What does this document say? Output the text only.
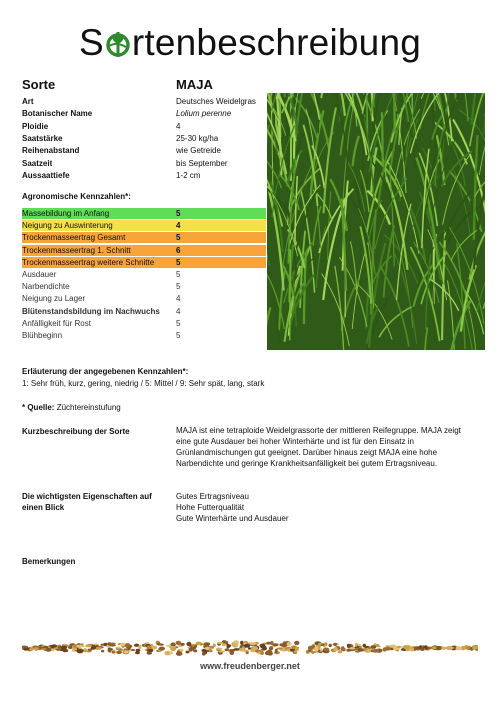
S rtenbeschreibung
Sorte	MAJA
Art	Deutsches Weidelgras
Botanischer Name	Lolium perenne
Ploidie	4
Saatstärke	25-30 kg/ha
Reihenabstand	wie Getreide
Saatzeit	bis September
Aussaattiefe	1-2 cm
Agronomische Kennzahlen*:
Massebildung im Anfang	5
Neigung zu Auswinterung	4
Trockenmasseertrag Gesamt	5
Trockenmasseertrag 1. Schnitt	6
Trockenmasseertrag weitere Schnitte	5
Ausdauer	5
Narbendichte	5
Neigung zu Lager	4
Blütenstandsbildung im Nachwuchs 4
Anfälligkeit für Rost	5
Blühbeginn	5
Erläuterung der angegebenen Kennzahlen*:
1: Sehr früh, kurz, gering, niedrig / 5: Mittel / 9: Sehr spät, lang, stark
* Quelle: Züchtereinstufung
Kurzbeschreibung der Sorte	MAJA ist eine tetraploide Weidelgrassorte der mittleren Reifegruppe. MAJA zeigt
eine gute Ausdauer bei hoher Winterhärte und ist für den Einsatz in
Grünlandmischungen gut geeignet. Darüber hinaus zeigt MAJA eine hohe
Narbendichte und geringe Krankheitsanfälligkeit bei gutem Ertragsniveau.
Die wichtigsten Eigenschaften auf
einen Blick
Gutes Ertragsniveau
Hohe Futterqualität
Gute Winterhärte und Ausdauer
Bemerkungen
www.freudenberger.net
